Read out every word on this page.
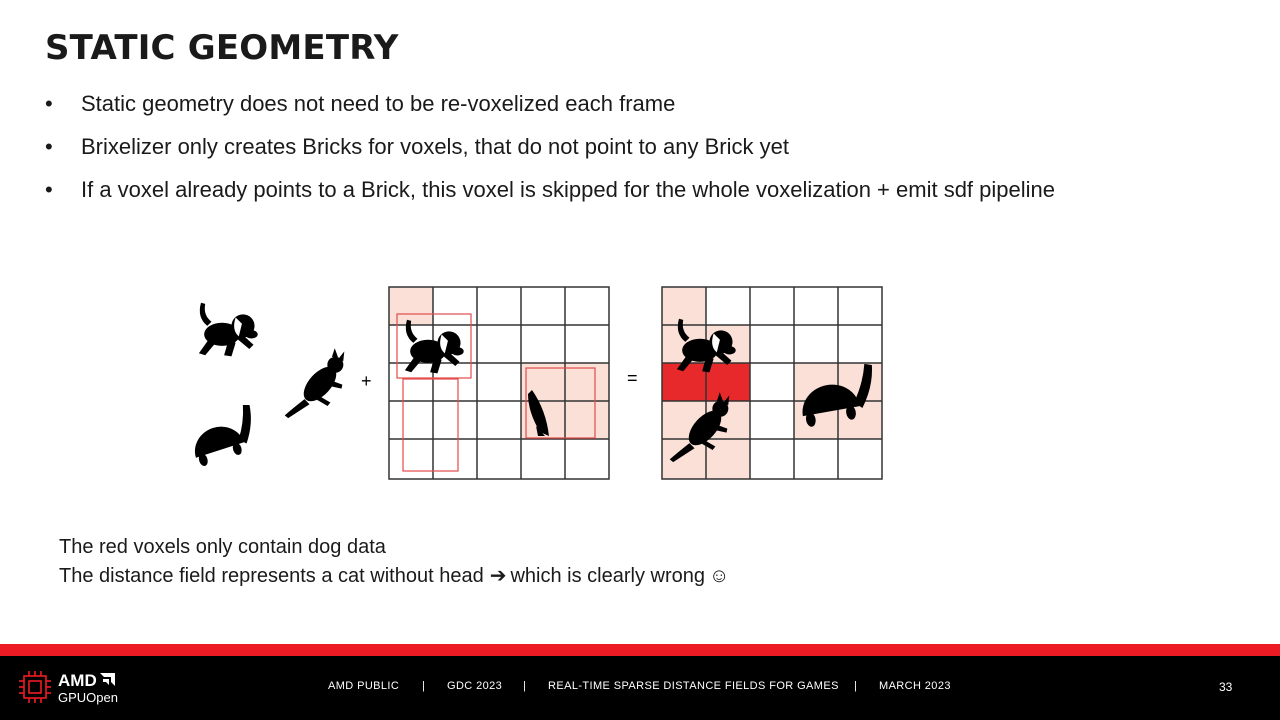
STATIC GEOMETRY
• Static geometry does not need to be re-voxelized each frame
• Brixelizer only creates Bricks for voxels, that do not point to any Brick yet
• If a voxel already points to a Brick, this voxel is skipped for the whole voxelization + emit sdf pipeline
+	=
The red voxels only contain dog data
The distance field represents a cat without head ➔ which is clearly wrong ☺
AMD
GPUOpen
AMD PUBLIC | GDC 2023 | REAL-TIME SPARSE DISTANCE FIELDS FOR GAMES | MARCH 2023	33
